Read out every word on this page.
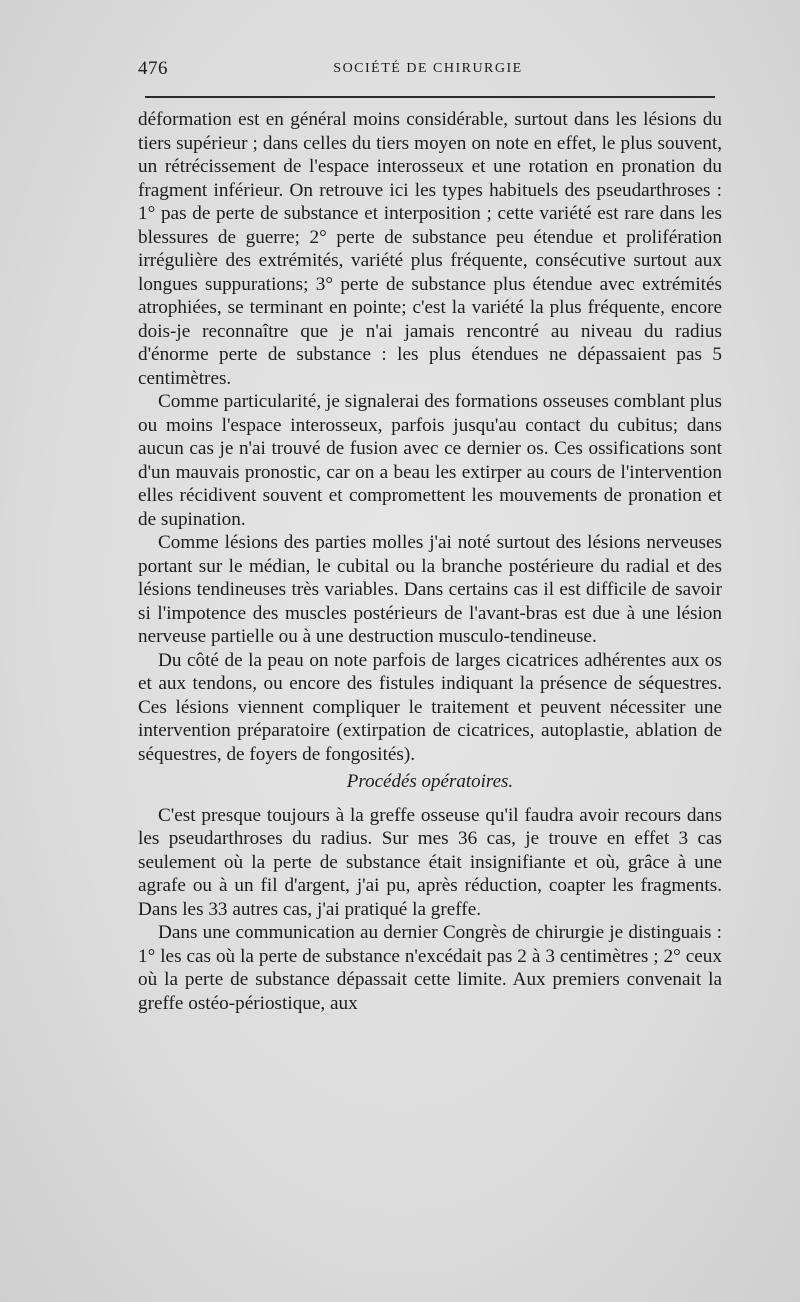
476	SOCIÉTÉ DE CHIRURGIE

déformation est en général moins considérable, surtout dans les lésions du tiers supérieur ; dans celles du tiers moyen on note en effet, le plus souvent, un rétrécissement de l'espace interosseux et une rotation en pronation du fragment inférieur. On retrouve ici les types habituels des pseudarthroses : 1° pas de perte de substance et interposition ; cette variété est rare dans les blessures de guerre; 2° perte de substance peu étendue et prolifération irrégulière des extrémités, variété plus fréquente, consécutive surtout aux longues suppurations; 3° perte de substance plus étendue avec extrémités atrophiées, se terminant en pointe; c'est la variété la plus fréquente, encore dois-je reconnaître que je n'ai jamais rencontré au niveau du radius d'énorme perte de substance : les plus étendues ne dépassaient pas 5 centimètres.

Comme particularité, je signalerai des formations osseuses comblant plus ou moins l'espace interosseux, parfois jusqu'au contact du cubitus; dans aucun cas je n'ai trouvé de fusion avec ce dernier os. Ces ossifications sont d'un mauvais pronostic, car on a beau les extirper au cours de l'intervention elles récidivent souvent et compromettent les mouvements de pronation et de supination.

Comme lésions des parties molles j'ai noté surtout des lésions nerveuses portant sur le médian, le cubital ou la branche postérieure du radial et des lésions tendineuses très variables. Dans certains cas il est difficile de savoir si l'impotence des muscles postérieurs de l'avant-bras est due à une lésion nerveuse partielle ou à une destruction musculo-tendineuse.

Du côté de la peau on note parfois de larges cicatrices adhérentes aux os et aux tendons, ou encore des fistules indiquant la présence de séquestres. Ces lésions viennent compliquer le traitement et peuvent nécessiter une intervention préparatoire (extirpation de cicatrices, autoplastie, ablation de séquestres, de foyers de fongosités).

Procédés opératoires.

C'est presque toujours à la greffe osseuse qu'il faudra avoir recours dans les pseudarthroses du radius. Sur mes 36 cas, je trouve en effet 3 cas seulement où la perte de substance était insignifiante et où, grâce à une agrafe ou à un fil d'argent, j'ai pu, après réduction, coapter les fragments. Dans les 33 autres cas, j'ai pratiqué la greffe.

Dans une communication au dernier Congrès de chirurgie je distinguais : 1° les cas où la perte de substance n'excédait pas 2 à 3 centimètres ; 2° ceux où la perte de substance dépassait cette limite. Aux premiers convenait la greffe ostéo-périostique, aux
